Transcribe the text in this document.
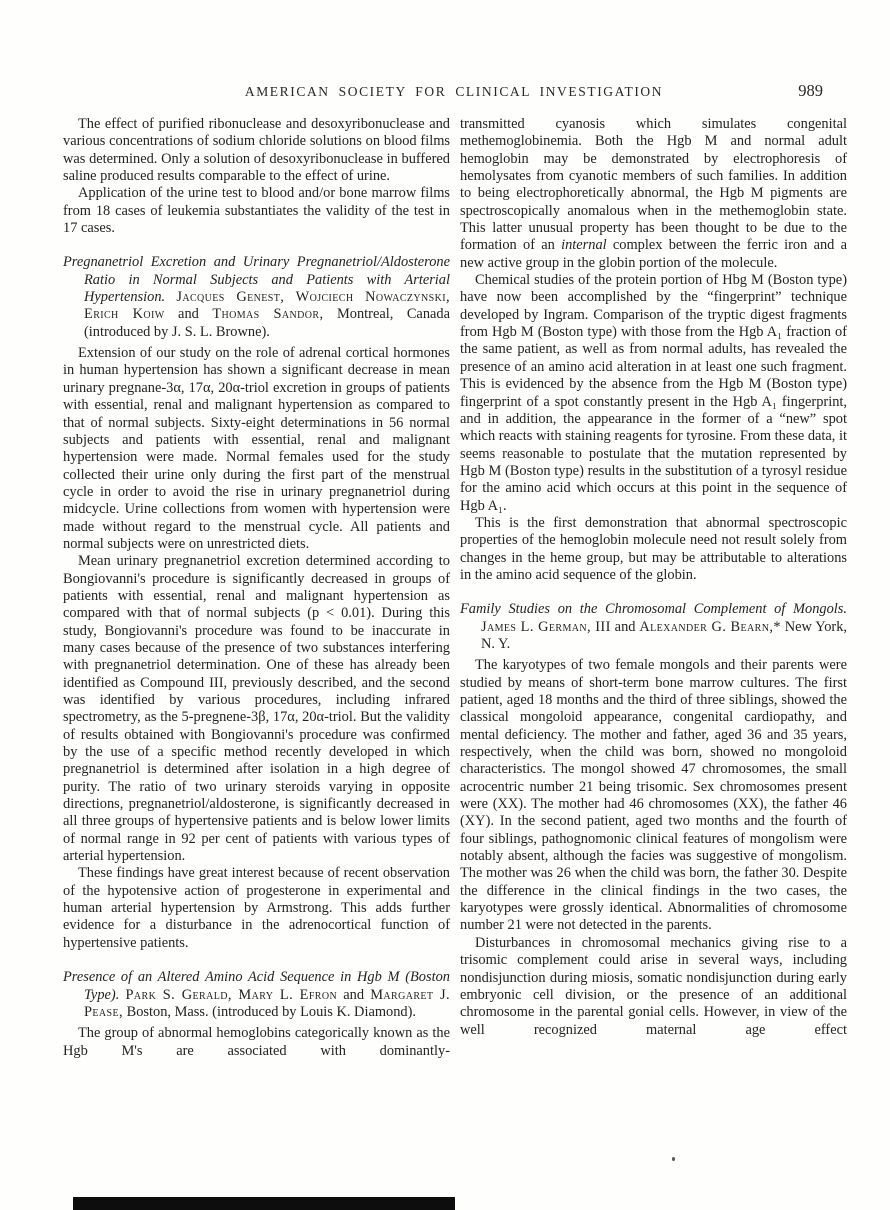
AMERICAN SOCIETY FOR CLINICAL INVESTIGATION	989

The effect of purified ribonuclease and desoxyribonuclease and various concentrations of sodium chloride solutions on blood films was determined. Only a solution of desoxyribonuclease in buffered saline produced results comparable to the effect of urine.

Application of the urine test to blood and/or bone marrow films from 18 cases of leukemia substantiates the validity of the test in 17 cases.

Pregnanetriol Excretion and Urinary Pregnanetriol/Aldosterone Ratio in Normal Subjects and Patients with Arterial Hypertension. Jacques Genest, Wojciech Nowaczynski, Erich Koiw and Thomas Sandor, Montreal, Canada (introduced by J. S. L. Browne).

Extension of our study on the role of adrenal cortical hormones in human hypertension has shown a significant decrease in mean urinary pregnane-3α, 17α, 20α-triol excretion in groups of patients with essential, renal and malignant hypertension as compared to that of normal subjects. Sixty-eight determinations in 56 normal subjects and patients with essential, renal and malignant hypertension were made. Normal females used for the study collected their urine only during the first part of the menstrual cycle in order to avoid the rise in urinary pregnanetriol during midcycle. Urine collections from women with hypertension were made without regard to the menstrual cycle. All patients and normal subjects were on unrestricted diets.

Mean urinary pregnanetriol excretion determined according to Bongiovanni's procedure is significantly decreased in groups of patients with essential, renal and malignant hypertension as compared with that of normal subjects (p < 0.01). During this study, Bongiovanni's procedure was found to be inaccurate in many cases because of the presence of two substances interfering with pregnanetriol determination. One of these has already been identified as Compound III, previously described, and the second was identified by various procedures, including infrared spectrometry, as the 5-pregnene-3β, 17α, 20α-triol. But the validity of results obtained with Bongiovanni's procedure was confirmed by the use of a specific method recently developed in which pregnanetriol is determined after isolation in a high degree of purity. The ratio of two urinary steroids varying in opposite directions, pregnanetriol/aldosterone, is significantly decreased in all three groups of hypertensive patients and is below lower limits of normal range in 92 per cent of patients with various types of arterial hypertension.

These findings have great interest because of recent observation of the hypotensive action of progesterone in experimental and human arterial hypertension by Armstrong. This adds further evidence for a disturbance in the adrenocortical function of hypertensive patients.

Presence of an Altered Amino Acid Sequence in Hgb M (Boston Type). Park S. Gerald, Mary L. Efron and Margaret J. Pease, Boston, Mass. (introduced by Louis K. Diamond).

The group of abnormal hemoglobins categorically known as the Hgb M's are associated with dominantly-

transmitted cyanosis which simulates congenital methemoglobinemia. Both the Hgb M and normal adult hemoglobin may be demonstrated by electrophoresis of hemolysates from cyanotic members of such families. In addition to being electrophoretically abnormal, the Hgb M pigments are spectroscopically anomalous when in the methemoglobin state. This latter unusual property has been thought to be due to the formation of an internal complex between the ferric iron and a new active group in the globin portion of the molecule.

Chemical studies of the protein portion of Hbg M (Boston type) have now been accomplished by the “fingerprint” technique developed by Ingram. Comparison of the tryptic digest fragments from Hgb M (Boston type) with those from the Hgb A₁ fraction of the same patient, as well as from normal adults, has revealed the presence of an amino acid alteration in at least one such fragment. This is evidenced by the absence from the Hgb M (Boston type) fingerprint of a spot constantly present in the Hgb A₁ fingerprint, and in addition, the appearance in the former of a “new” spot which reacts with staining reagents for tyrosine. From these data, it seems reasonable to postulate that the mutation represented by Hgb M (Boston type) results in the substitution of a tyrosyl residue for the amino acid which occurs at this point in the sequence of Hgb A₁.

This is the first demonstration that abnormal spectroscopic properties of the hemoglobin molecule need not result solely from changes in the heme group, but may be attributable to alterations in the amino acid sequence of the globin.

Family Studies on the Chromosomal Complement of Mongols. James L. German, III and Alexander G. Bearn,* New York, N. Y.

The karyotypes of two female mongols and their parents were studied by means of short-term bone marrow cultures. The first patient, aged 18 months and the third of three siblings, showed the classical mongoloid appearance, congenital cardiopathy, and mental deficiency. The mother and father, aged 36 and 35 years, respectively, when the child was born, showed no mongoloid characteristics. The mongol showed 47 chromosomes, the small acrocentric number 21 being trisomic. Sex chromosomes present were (XX). The mother had 46 chromosomes (XX), the father 46 (XY). In the second patient, aged two months and the fourth of four siblings, pathognomonic clinical features of mongolism were notably absent, although the facies was suggestive of mongolism. The mother was 26 when the child was born, the father 30. Despite the difference in the clinical findings in the two cases, the karyotypes were grossly identical. Abnormalities of chromosome number 21 were not detected in the parents.

Disturbances in chromosomal mechanics giving rise to a trisomic complement could arise in several ways, including nondisjunction during miosis, somatic nondisjunction during early embryonic cell division, or the presence of an additional chromosome in the parental gonial cells. However, in view of the well recognized maternal age effect
